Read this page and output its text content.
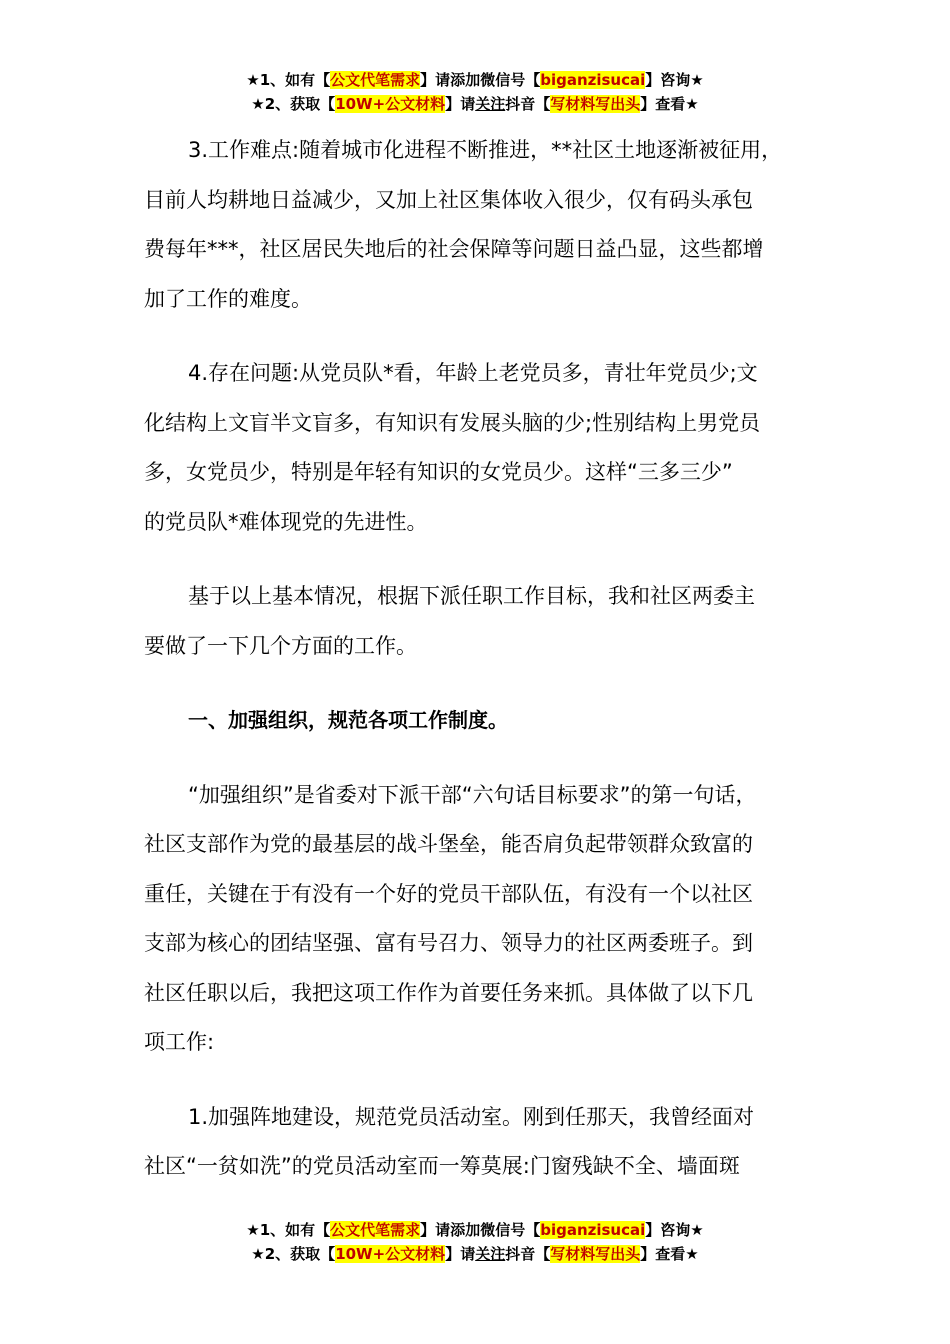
★1、如有【公文代笔需求】请添加微信号【biganzisucai】咨询★
★2、获取【10W+公文材料】请关注抖音【写材料写出头】查看★

3.工作难点:随着城市化进程不断推进，**社区土地逐渐被征用，

目前人均耕地日益减少，又加上社区集体收入很少，仅有码头承包

费每年***，社区居民失地后的社会保障等问题日益凸显，这些都增

加了工作的难度。

4.存在问题:从党员队*看，年龄上老党员多，青壮年党员少;文

化结构上文盲半文盲多，有知识有发展头脑的少;性别结构上男党员

多，女党员少，特别是年轻有知识的女党员少。这样“三多三少”

的党员队*难体现党的先进性。

基于以上基本情况，根据下派任职工作目标，我和社区两委主

要做了一下几个方面的工作。

一、加强组织，规范各项工作制度。

“加强组织”是省委对下派干部“六句话目标要求”的第一句话，

社区支部作为党的最基层的战斗堡垒，能否肩负起带领群众致富的

重任，关键在于有没有一个好的党员干部队伍，有没有一个以社区

支部为核心的团结坚强、富有号召力、领导力的社区两委班子。到

社区任职以后，我把这项工作作为首要任务来抓。具体做了以下几

项工作:

1.加强阵地建设，规范党员活动室。刚到任那天，我曾经面对

社区“一贫如洗”的党员活动室而一筹莫展:门窗残缺不全、墙面斑

★1、如有【公文代笔需求】请添加微信号【biganzisucai】咨询★
★2、获取【10W+公文材料】请关注抖音【写材料写出头】查看★
